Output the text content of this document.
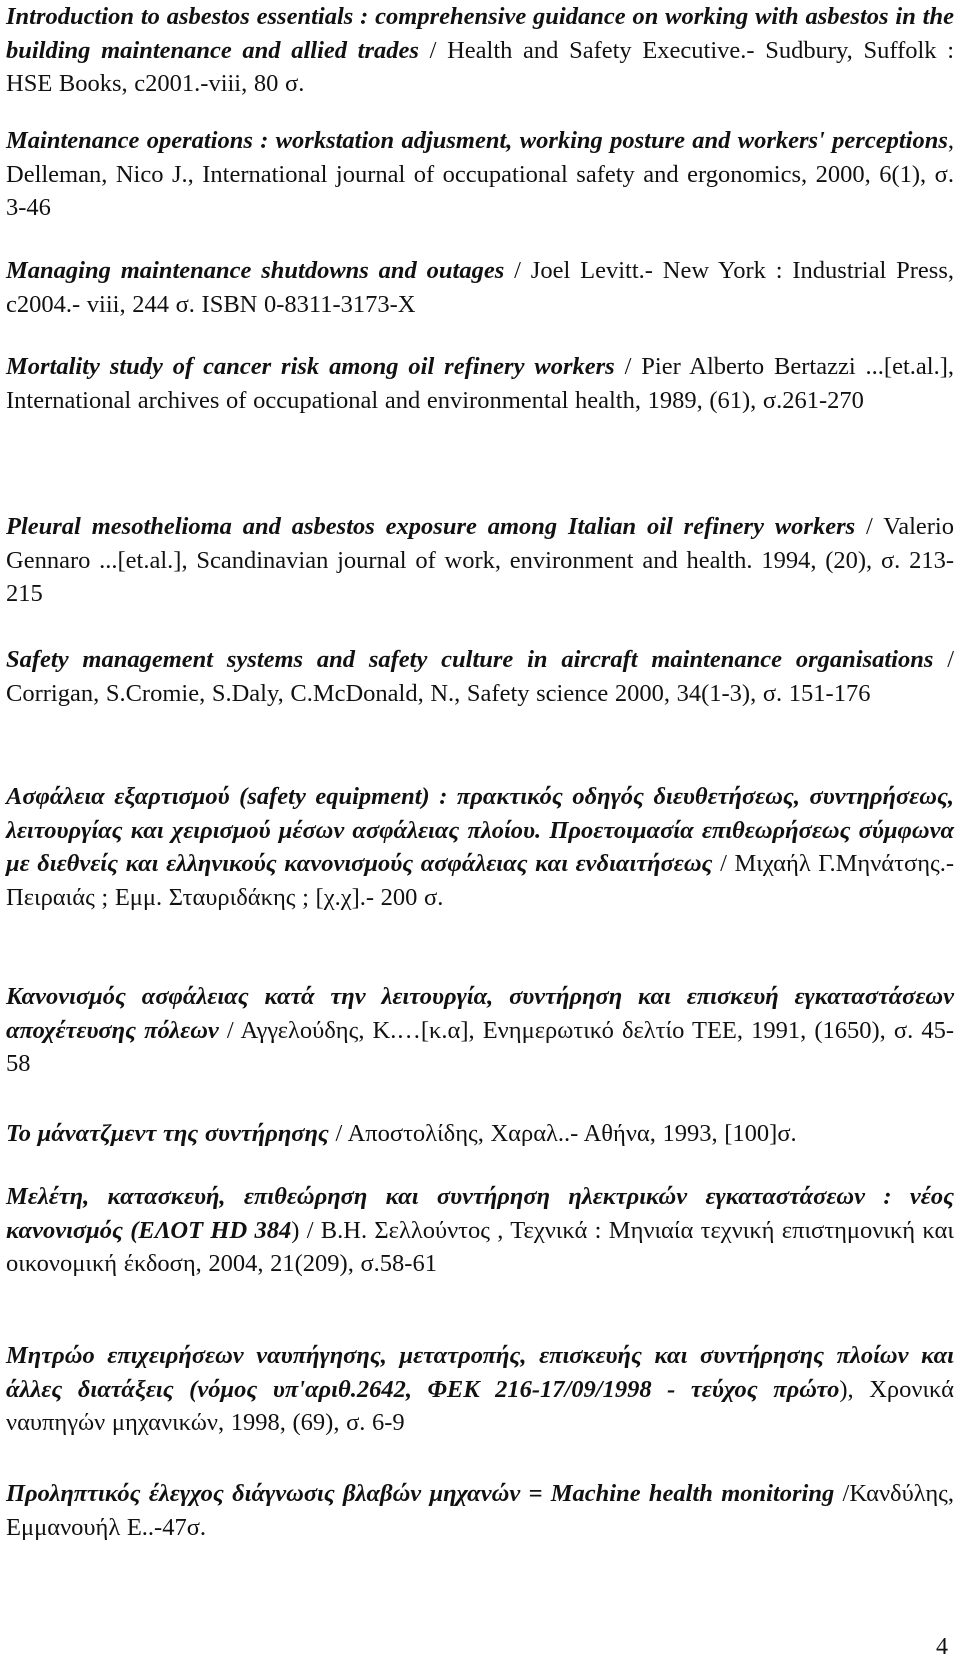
Introduction to asbestos essentials : comprehensive guidance on working with asbestos in the building maintenance and allied trades / Health and Safety Executive.- Sudbury, Suffolk : HSE Books, c2001.-viii, 80 σ.

Maintenance operations : workstation adjusment, working posture and workers' perceptions, Delleman, Nico J., International journal of occupational safety and ergonomics, 2000, 6(1), σ. 3-46

Managing maintenance shutdowns and outages / Joel Levitt.- New York : Industrial Press, c2004.- viii, 244 σ. ISBN 0-8311-3173-X

Mortality study of cancer risk among oil refinery workers / Pier Alberto Bertazzi ...[et.al.], International archives of occupational and environmental health, 1989, (61), σ.261-270

Pleural mesothelioma and asbestos exposure among Italian oil refinery workers / Valerio Gennaro ...[et.al.], Scandinavian journal of work, environment and health. 1994, (20), σ. 213-215

Safety management systems and safety culture in aircraft maintenance organisations / Corrigan, S.Cromie, S.Daly, C.McDonald, N., Safety science 2000, 34(1-3), σ. 151-176

Ασφάλεια εξαρτισμού (safety equipment) : πρακτικός οδηγός διευθετήσεως, συντηρήσεως, λειτουργίας και χειρισμού μέσων ασφάλειας πλοίου. Προετοιμασία επιθεωρήσεως σύμφωνα με διεθνείς και ελληνικούς κανονισμούς ασφάλειας και ενδιαιτήσεως / Μιχαήλ Γ.Μηνάτσης.- Πειραιάς ; Εμμ. Σταυριδάκης ; [χ.χ].- 200 σ.

Κανονισμός ασφάλειας κατά την λειτουργία, συντήρηση και επισκευή εγκαταστάσεων αποχέτευσης πόλεων / Αγγελούδης, Κ.…[κ.α], Ενημερωτικό δελτίο ΤΕΕ, 1991, (1650), σ. 45-58

Το μάνατζμεντ της συντήρησης / Αποστολίδης, Χαραλ..- Αθήνα, 1993, [100]σ.

Μελέτη, κατασκευή, επιθεώρηση και συντήρηση ηλεκτρικών εγκαταστάσεων : νέος κανονισμός (ΕΛΟΤ HD 384) / Β.Η. Σελλούντος , Τεχνικά : Μηνιαία τεχνική επιστημονική και οικονομική έκδοση, 2004, 21(209), σ.58-61

Μητρώο επιχειρήσεων ναυπήγησης, μετατροπής, επισκευής και συντήρησης πλοίων και άλλες διατάξεις (νόμος υπ'αριθ.2642, ΦΕΚ 216-17/09/1998 - τεύχος πρώτο), Χρονικά ναυπηγών μηχανικών, 1998, (69), σ. 6-9

Προληπτικός έλεγχος διάγνωσις βλαβών μηχανών = Machine health monitoring /Κανδύλης, Εμμανουήλ Ε..-47σ.

4
